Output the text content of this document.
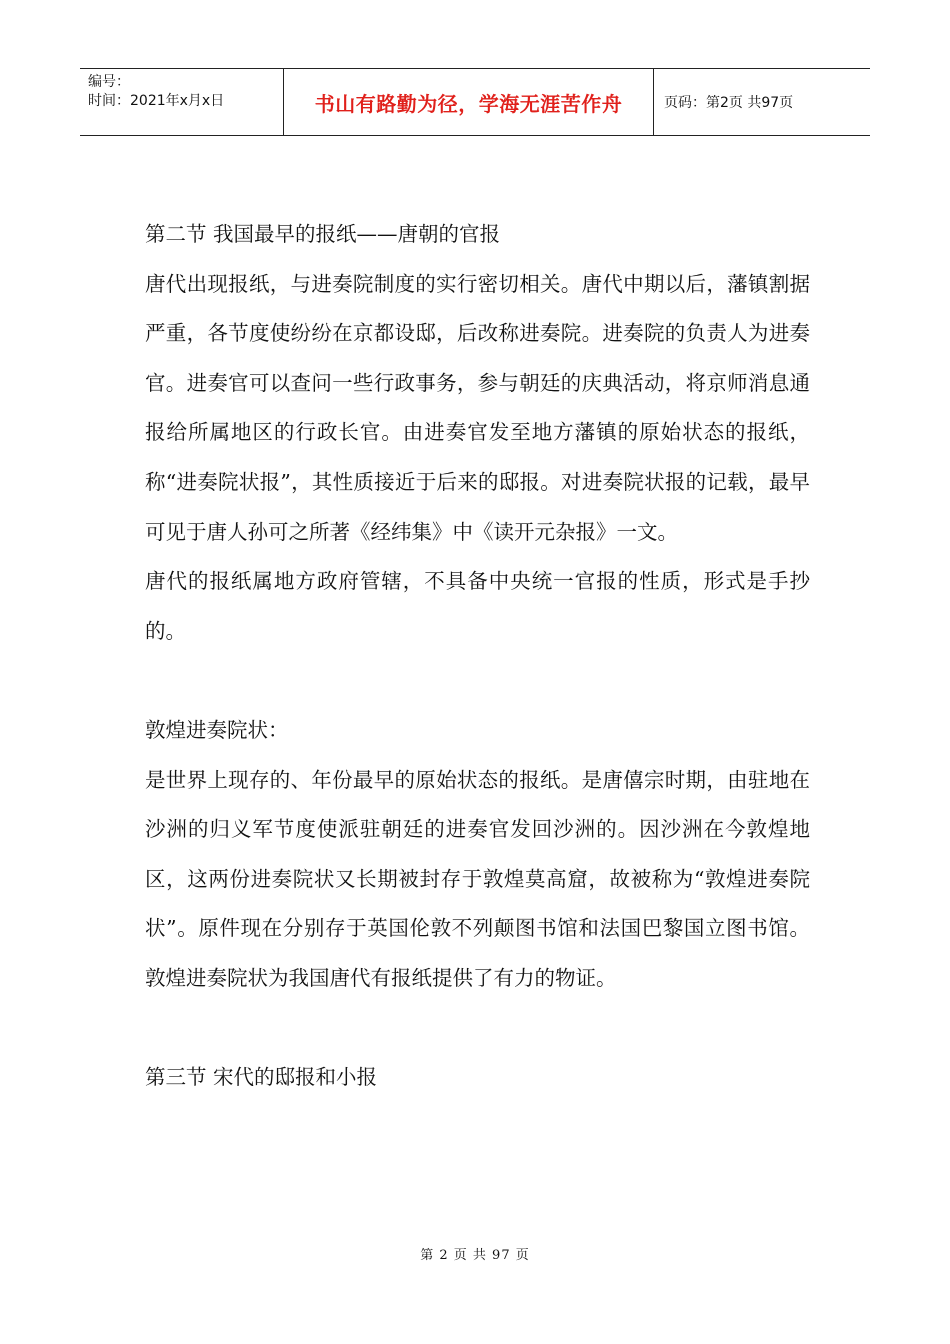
编号：
时间：2021年x月x日	书山有路勤为径，学海无涯苦作舟	页码：第2页 共97页

第二节 我国最早的报纸——唐朝的官报

唐代出现报纸，与进奏院制度的实行密切相关。唐代中期以后，藩镇割据严重，各节度使纷纷在京都设邸，后改称进奏院。进奏院的负责人为进奏官。进奏官可以查问一些行政事务，参与朝廷的庆典活动，将京师消息通报给所属地区的行政长官。由进奏官发至地方藩镇的原始状态的报纸，称“进奏院状报”，其性质接近于后来的邸报。对进奏院状报的记载，最早可见于唐人孙可之所著《经纬集》中《读开元杂报》一文。

唐代的报纸属地方政府管辖，不具备中央统一官报的性质，形式是手抄的。

敦煌进奏院状：

是世界上现存的、年份最早的原始状态的报纸。是唐僖宗时期，由驻地在沙洲的归义军节度使派驻朝廷的进奏官发回沙洲的。因沙洲在今敦煌地区，这两份进奏院状又长期被封存于敦煌莫高窟，故被称为“敦煌进奏院状”。原件现在分别存于英国伦敦不列颠图书馆和法国巴黎国立图书馆。敦煌进奏院状为我国唐代有报纸提供了有力的物证。

第三节 宋代的邸报和小报

第 2 页 共 97 页
